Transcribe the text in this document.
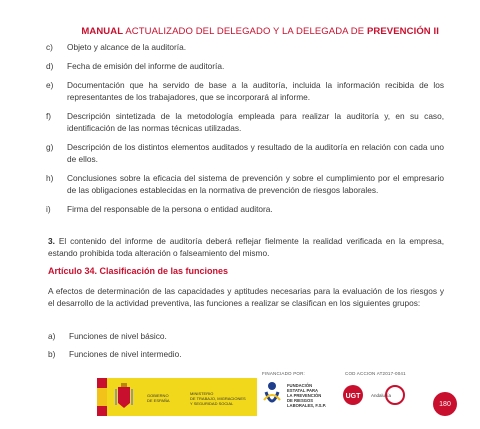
MANUAL ACTUALIZADO DEL DELEGADO Y LA DELEGADA DE PREVENCIÓN II
c)	Objeto y alcance de la auditoría.
d)	Fecha de emisión del informe de auditoría.
e)	Documentación que ha servido de base a la auditoría, incluida la información recibida de los representantes de los trabajadores, que se incorporará al informe.
f)	Descripción sintetizada de la metodología empleada para realizar la auditoría y, en su caso, identificación de las normas técnicas utilizadas.
g)	Descripción de los distintos elementos auditados y resultado de la auditoría en relación con cada uno de ellos.
h)	Conclusiones sobre la eficacia del sistema de prevención y sobre el cumplimiento por el empresario de las obligaciones establecidas en la normativa de prevención de riesgos laborales.
i)	Firma del responsable de la persona o entidad auditora.
3. El contenido del informe de auditoría deberá reflejar fielmente la realidad verificada en la empresa, estando prohibida toda alteración o falseamiento del mismo.
Artículo 34. Clasificación de las funciones
A efectos de determinación de las capacidades y aptitudes necesarias para la evaluación de los riesgos y el desarrollo de la actividad preventiva, las funciones a realizar se clasifican en los siguientes grupos:
a)	Funciones de nivel básico.
b)	Funciones de nivel intermedio.
FINANCIADO POR:	COD ACCION AT2017-0041
GOBIERNO
DE ESPAÑA
MINISTERIO
DE TRABAJO, MIGRACIONES
Y SEGURIDAD SOCIAL
FUNDACIÓN
ESTATAL PARA
LA PREVENCIÓN
DE RIESGOS
LABORALES, F.S.P.
UGT Andalucía
180
